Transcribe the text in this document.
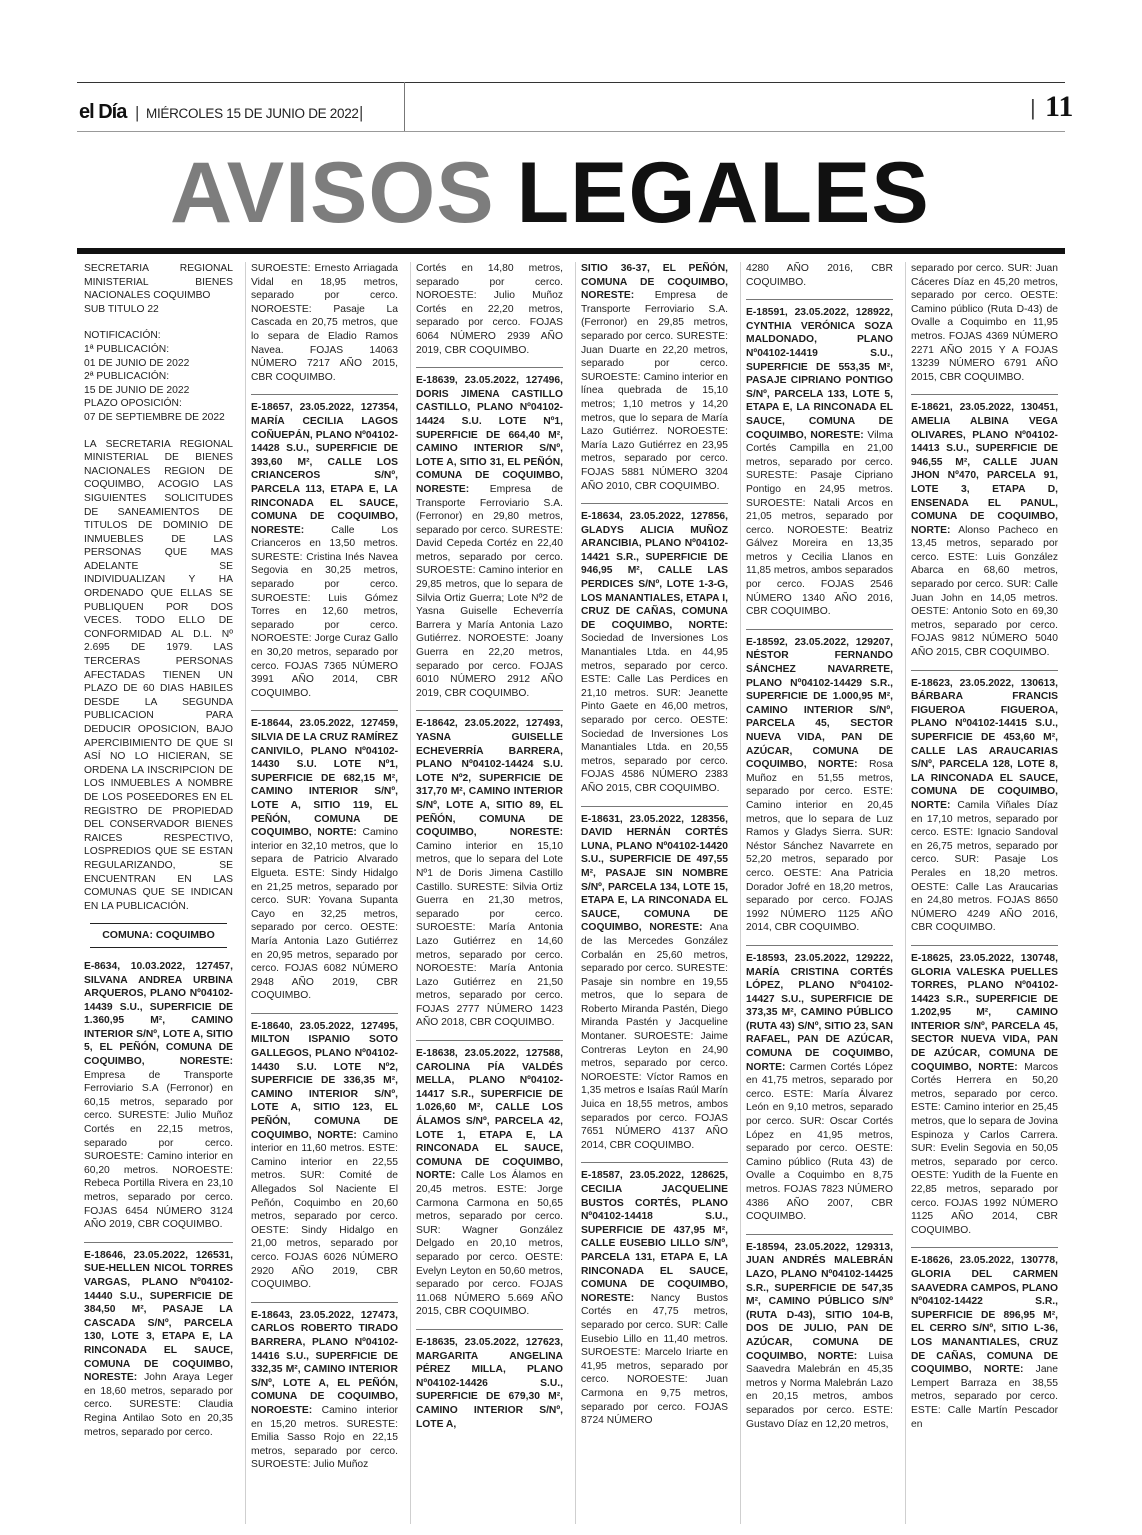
el Día | MIÉRCOLES 15 DE JUNIO DE 2022 |	| 11
AVISOS LEGALES

SECRETARIA REGIONAL MINISTERIAL BIENES NACIONALES COQUIMBO

SUB TITULO 22

NOTIFICACIÓN:

1ª PUBLICACIÓN:

01 DE JUNIO DE 2022

2ª PUBLICACIÓN:

15 DE JUNIO DE 2022

PLAZO OPOSICIÓN:

07 DE SEPTIEMBRE DE 2022

LA SECRETARIA REGIONAL MINISTERIAL DE BIENES NACIONALES REGION DE COQUIMBO, ACOGIO LAS SIGUIENTES SOLICITUDES DE SANEAMIENTOS DE TITULOS DE DOMINIO DE INMUEBLES DE LAS PERSONAS QUE MAS ADELANTE SE INDIVIDUALIZAN Y HA ORDENADO QUE ELLAS SE PUBLIQUEN POR DOS VECES. TODO ELLO DE CONFORMIDAD AL D.L. Nº 2.695 DE 1979. LAS TERCERAS PERSONAS AFECTADAS TIENEN UN PLAZO DE 60 DIAS HABILES DESDE LA SEGUNDA PUBLICACION PARA DEDUCIR OPOSICION, BAJO APERCIBIMIENTO DE QUE SI ASÍ NO LO HICIERAN, SE ORDENA LA INSCRIPCION DE LOS INMUEBLES A NOMBRE DE LOS POSEEDORES EN EL REGISTRO DE PROPIEDAD DEL CONSERVADOR BIENES RAICES RESPECTIVO, LOSPREDIOS QUE SE ESTAN REGULARIZANDO, SE ENCUENTRAN EN LAS COMUNAS QUE SE INDICAN EN LA PUBLICACIÓN.

COMUNA: COQUIMBO
E-8634, 10.03.2022, 127457, SILVANA ANDREA URBINA ARQUEROS, PLANO Nº04102-14439 S.U., SUPERFICIE DE 1.360,95 M², CAMINO INTERIOR S/Nº, LOTE A, SITIO 5, EL PEÑÓN, COMUNA DE COQUIMBO, NORESTE: Empresa de Transporte Ferroviario S.A (Ferronor) en 60,15 metros, separado por cerco. SURESTE: Julio Muñoz Cortés en 22,15 metros, separado por cerco. SUROESTE: Camino interior en 60,20 metros. NOROESTE: Rebeca Portilla Rivera en 23,10 metros, separado por cerco. FOJAS 6454 NÚMERO 3124 AÑO 2019, CBR COQUIMBO.
E-18646, 23.05.2022, 126531, SUE-HELLEN NICOL TORRES VARGAS, PLANO Nº04102-14440 S.U., SUPERFICIE DE 384,50 M², PASAJE LA CASCADA S/Nº, PARCELA 130, LOTE 3, ETAPA E, LA RINCONADA EL SAUCE, COMUNA DE COQUIMBO, NORESTE: John Araya Leger en 18,60 metros, separado por cerco. SURESTE: Claudia Regina Antilao Soto en 20,35 metros, separado por cerco.
SUROESTE: Ernesto Arriagada Vidal en 18,95 metros, separado por cerco. NOROESTE: Pasaje La Cascada en 20,75 metros, que lo separa de Eladio Ramos Navea. FOJAS 14063 NÚMERO 7217 AÑO 2015, CBR COQUIMBO.
E-18657, 23.05.2022, 127354, MARÍA CECILIA LAGOS COÑUEPÁN, PLANO Nº04102-14428 S.U., SUPERFICIE DE 393,60 M², CALLE LOS CRIANCEROS S/Nº, PARCELA 113, ETAPA E, LA RINCONADA EL SAUCE, COMUNA DE COQUIMBO, NORESTE: Calle Los Crianceros en 13,50 metros. SURESTE: Cristina Inés Navea Segovia en 30,25 metros, separado por cerco. SUROESTE: Luis Gómez Torres en 12,60 metros, separado por cerco. NOROESTE: Jorge Curaz Gallo en 30,20 metros, separado por cerco. FOJAS 7365 NÚMERO 3991 AÑO 2014, CBR COQUIMBO.
E-18644, 23.05.2022, 127459, SILVIA DE LA CRUZ RAMÍREZ CANIVILO, PLANO Nº04102-14430 S.U. LOTE Nº1, SUPERFICIE DE 682,15 M², CAMINO INTERIOR S/Nº, LOTE A, SITIO 119, EL PEÑÓN, COMUNA DE COQUIMBO, NORTE: Camino interior en 32,10 metros, que lo separa de Patricio Alvarado Elgueta. ESTE: Sindy Hidalgo en 21,25 metros, separado por cerco. SUR: Yovana Supanta Cayo en 32,25 metros, separado por cerco. OESTE: María Antonia Lazo Gutiérrez en 20,95 metros, separado por cerco. FOJAS 6082 NÚMERO 2948 AÑO 2019, CBR COQUIMBO.
E-18640, 23.05.2022, 127495, MILTON ISPANIO SOTO GALLEGOS, PLANO Nº04102-14430 S.U. LOTE Nº2, SUPERFICIE DE 336,35 M², CAMINO INTERIOR S/Nº, LOTE A, SITIO 123, EL PEÑÓN, COMUNA DE COQUIMBO, NORTE: Camino interior en 11,60 metros. ESTE: Camino interior en 22,55 metros. SUR: Comité de Allegados Sol Naciente El Peñón, Coquimbo en 20,60 metros, separado por cerco. OESTE: Sindy Hidalgo en 21,00 metros, separado por cerco. FOJAS 6026 NÚMERO 2920 AÑO 2019, CBR COQUIMBO.
E-18643, 23.05.2022, 127473, CARLOS ROBERTO TIRADO BARRERA, PLANO Nº04102-14416 S.U., SUPERFICIE DE 332,35 M², CAMINO INTERIOR S/Nº, LOTE A, EL PEÑÓN, COMUNA DE COQUIMBO, NOROESTE: Camino interior en 15,20 metros. SURESTE: Emilia Sasso Rojo en 22,15 metros, separado por cerco. SUROESTE: Julio Muñoz
Cortés en 14,80 metros, separado por cerco. NOROESTE: Julio Muñoz Cortés en 22,20 metros, separado por cerco. FOJAS 6064 NÚMERO 2939 AÑO 2019, CBR COQUIMBO.
E-18639, 23.05.2022, 127496, DORIS JIMENA CASTILLO CASTILLO, PLANO Nº04102-14424 S.U. LOTE Nº1, SUPERFICIE DE 664,40 M², CAMINO INTERIOR S/Nº, LOTE A, SITIO 31, EL PEÑÓN, COMUNA DE COQUIMBO, NORESTE: Empresa de Transporte Ferroviario S.A. (Ferronor) en 29,80 metros, separado por cerco. SURESTE: David Cepeda Cortéz en 22,40 metros, separado por cerco. SUROESTE: Camino interior en 29,85 metros, que lo separa de Silvia Ortiz Guerra; Lote Nº2 de Yasna Guiselle Echeverría Barrera y María Antonia Lazo Gutiérrez. NOROESTE: Joany Guerra en 22,20 metros, separado por cerco. FOJAS 6010 NÚMERO 2912 AÑO 2019, CBR COQUIMBO.
E-18642, 23.05.2022, 127493, YASNA GUISELLE ECHEVERRÍA BARRERA, PLANO Nº04102-14424 S.U. LOTE Nº2, SUPERFICIE DE 317,70 M², CAMINO INTERIOR S/Nº, LOTE A, SITIO 89, EL PEÑÓN, COMUNA DE COQUIMBO, NORESTE: Camino interior en 15,10 metros, que lo separa del Lote Nº1 de Doris Jimena Castillo Castillo. SURESTE: Silvia Ortiz Guerra en 21,30 metros, separado por cerco. SUROESTE: María Antonia Lazo Gutiérrez en 14,60 metros, separado por cerco. NOROESTE: María Antonia Lazo Gutiérrez en 21,50 metros, separado por cerco. FOJAS 2777 NÚMERO 1423 AÑO 2018, CBR COQUIMBO.
E-18638, 23.05.2022, 127588, CAROLINA PÍA VALDÉS MELLA, PLANO Nº04102-14417 S.R., SUPERFICIE DE 1.026,60 M², CALLE LOS ÁLAMOS S/Nº, PARCELA 42, LOTE 1, ETAPA E, LA RINCONADA EL SAUCE, COMUNA DE COQUIMBO, NORTE: Calle Los Álamos en 20,45 metros. ESTE: Jorge Carmona Carmona en 50,65 metros, separado por cerco. SUR: Wagner González Delgado en 20,10 metros, separado por cerco. OESTE: Evelyn Leyton en 50,60 metros, separado por cerco. FOJAS 11.068 NÚMERO 5.669 AÑO 2015, CBR COQUIMBO.
E-18635, 23.05.2022, 127623, MARGARITA ANGELINA PÉREZ MILLA, PLANO Nº04102-14426 S.U., SUPERFICIE DE 679,30 M², CAMINO INTERIOR S/Nº, LOTE A,
SITIO 36-37, EL PEÑÓN, COMUNA DE COQUIMBO, NORESTE: Empresa de Transporte Ferroviario S.A. (Ferronor) en 29,85 metros, separado por cerco. SURESTE: Juan Duarte en 22,20 metros, separado por cerco. SUROESTE: Camino interior en línea quebrada de 15,10 metros; 1,10 metros y 14,20 metros, que lo separa de María Lazo Gutiérrez. NOROESTE: María Lazo Gutiérrez en 23,95 metros, separado por cerco. FOJAS 5881 NÚMERO 3204 AÑO 2010, CBR COQUIMBO.
E-18634, 23.05.2022, 127856, GLADYS ALICIA MUÑOZ ARANCIBIA, PLANO Nº04102-14421 S.R., SUPERFICIE DE 946,95 M², CALLE LAS PERDICES S/Nº, LOTE 1-3-G, LOS MANANTIALES, ETAPA I, CRUZ DE CAÑAS, COMUNA DE COQUIMBO, NORTE: Sociedad de Inversiones Los Manantiales Ltda. en 44,95 metros, separado por cerco. ESTE: Calle Las Perdices en 21,10 metros. SUR: Jeanette Pinto Gaete en 46,00 metros, separado por cerco. OESTE: Sociedad de Inversiones Los Manantiales Ltda. en 20,55 metros, separado por cerco. FOJAS 4586 NÚMERO 2383 AÑO 2015, CBR COQUIMBO.
E-18631, 23.05.2022, 128356, DAVID HERNÁN CORTÉS LUNA, PLANO Nº04102-14420 S.U., SUPERFICIE DE 497,55 M², PASAJE SIN NOMBRE S/Nº, PARCELA 134, LOTE 15, ETAPA E, LA RINCONADA EL SAUCE, COMUNA DE COQUIMBO, NORESTE: Ana de las Mercedes González Corbalán en 25,60 metros, separado por cerco. SURESTE: Pasaje sin nombre en 19,55 metros, que lo separa de Roberto Miranda Pastén, Diego Miranda Pastén y Jacqueline Montaner. SUROESTE: Jaime Contreras Leyton en 24,90 metros, separado por cerco. NOROESTE: Víctor Ramos en 1,35 metros e Isaías Raúl Marín Juica en 18,55 metros, ambos separados por cerco. FOJAS 7651 NÚMERO 4137 AÑO 2014, CBR COQUIMBO.
E-18587, 23.05.2022, 128625, CECILIA JACQUELINE BUSTOS CORTÉS, PLANO Nº04102-14418 S.U., SUPERFICIE DE 437,95 M², CALLE EUSEBIO LILLO S/Nº, PARCELA 131, ETAPA E, LA RINCONADA EL SAUCE, COMUNA DE COQUIMBO, NORESTE: Nancy Bustos Cortés en 47,75 metros, separado por cerco. SUR: Calle Eusebio Lillo en 11,40 metros. SUROESTE: Marcelo Iriarte en 41,95 metros, separado por cerco. NOROESTE: Juan Carmona en 9,75 metros, separado por cerco. FOJAS 8724 NÚMERO
4280 AÑO 2016, CBR COQUIMBO.
E-18591, 23.05.2022, 128922, CYNTHIA VERÓNICA SOZA MALDONADO, PLANO Nº04102-14419 S.U., SUPERFICIE DE 553,35 M², PASAJE CIPRIANO PONTIGO S/Nº, PARCELA 133, LOTE 5, ETAPA E, LA RINCONADA EL SAUCE, COMUNA DE COQUIMBO, NORESTE: Vilma Cortés Campilla en 21,00 metros, separado por cerco. SURESTE: Pasaje Cipriano Pontigo en 24,95 metros. SUROESTE: Natali Arcos en 21,05 metros, separado por cerco. NOROESTE: Beatriz Gálvez Moreira en 13,35 metros y Cecilia Llanos en 11,85 metros, ambos separados por cerco. FOJAS 2546 NÚMERO 1340 AÑO 2016, CBR COQUIMBO.
E-18592, 23.05.2022, 129207, NÉSTOR FERNANDO SÁNCHEZ NAVARRETE, PLANO Nº04102-14429 S.R., SUPERFICIE DE 1.000,95 M², CAMINO INTERIOR S/Nº, PARCELA 45, SECTOR NUEVA VIDA, PAN DE AZÚCAR, COMUNA DE COQUIMBO, NORTE: Rosa Muñoz en 51,55 metros, separado por cerco. ESTE: Camino interior en 20,45 metros, que lo separa de Luz Ramos y Gladys Sierra. SUR: Néstor Sánchez Navarrete en 52,20 metros, separado por cerco. OESTE: Ana Patricia Dorador Jofré en 18,20 metros, separado por cerco. FOJAS 1992 NÚMERO 1125 AÑO 2014, CBR COQUIMBO.
E-18593, 23.05.2022, 129222, MARÍA CRISTINA CORTÉS LÓPEZ, PLANO Nº04102-14427 S.U., SUPERFICIE DE 373,35 M², CAMINO PÚBLICO (RUTA 43) S/Nº, SITIO 23, SAN RAFAEL, PAN DE AZÚCAR, COMUNA DE COQUIMBO, NORTE: Carmen Cortés López en 41,75 metros, separado por cerco. ESTE: María Álvarez León en 9,10 metros, separado por cerco. SUR: Oscar Cortés López en 41,95 metros, separado por cerco. OESTE: Camino público (Ruta 43) de Ovalle a Coquimbo en 8,75 metros. FOJAS 7823 NÚMERO 4386 AÑO 2007, CBR COQUIMBO.
E-18594, 23.05.2022, 129313, JUAN ANDRÉS MALEBRÁN LAZO, PLANO Nº04102-14425 S.R., SUPERFICIE DE 547,35 M², CAMINO PÚBLICO S/Nº (RUTA D-43), SITIO 104-B, DOS DE JULIO, PAN DE AZÚCAR, COMUNA DE COQUIMBO, NORTE: Luisa Saavedra Malebrán en 45,35 metros y Norma Malebrán Lazo en 20,15 metros, ambos separados por cerco. ESTE: Gustavo Díaz en 12,20 metros,
separado por cerco. SUR: Juan Cáceres Díaz en 45,20 metros, separado por cerco. OESTE: Camino público (Ruta D-43) de Ovalle a Coquimbo en 11,95 metros. FOJAS 4369 NÚMERO 2271 AÑO 2015 Y A FOJAS 13239 NÚMERO 6791 AÑO 2015, CBR COQUIMBO.
E-18621, 23.05.2022, 130451, AMELIA ALBINA VEGA OLIVARES, PLANO Nº04102-14413 S.U., SUPERFICIE DE 946,55 M², CALLE JUAN JHON Nº470, PARCELA 91, LOTE 3, ETAPA D, ENSENADA EL PANUL, COMUNA DE COQUIMBO, NORTE: Alonso Pacheco en 13,45 metros, separado por cerco. ESTE: Luis González Abarca en 68,60 metros, separado por cerco. SUR: Calle Juan John en 14,05 metros. OESTE: Antonio Soto en 69,30 metros, separado por cerco. FOJAS 9812 NÚMERO 5040 AÑO 2015, CBR COQUIMBO.
E-18623, 23.05.2022, 130613, BÁRBARA FRANCIS FIGUEROA FIGUEROA, PLANO Nº04102-14415 S.U., SUPERFICIE DE 453,60 M², CALLE LAS ARAUCARIAS S/Nº, PARCELA 128, LOTE 8, LA RINCONADA EL SAUCE, COMUNA DE COQUIMBO, NORTE: Camila Viñales Díaz en 17,10 metros, separado por cerco. ESTE: Ignacio Sandoval en 26,75 metros, separado por cerco. SUR: Pasaje Los Perales en 18,20 metros. OESTE: Calle Las Araucarias en 24,80 metros. FOJAS 8650 NÚMERO 4249 AÑO 2016, CBR COQUIMBO.
E-18625, 23.05.2022, 130748, GLORIA VALESKA PUELLES TORRES, PLANO Nº04102-14423 S.R., SUPERFICIE DE 1.202,95 M², CAMINO INTERIOR S/Nº, PARCELA 45, SECTOR NUEVA VIDA, PAN DE AZÚCAR, COMUNA DE COQUIMBO, NORTE: Marcos Cortés Herrera en 50,20 metros, separado por cerco. ESTE: Camino interior en 25,45 metros, que lo separa de Jovina Espinoza y Carlos Carrera. SUR: Evelin Segovia en 50,05 metros, separado por cerco. OESTE: Yudith de la Fuente en 22,85 metros, separado por cerco. FOJAS 1992 NÚMERO 1125 AÑO 2014, CBR COQUIMBO.
E-18626, 23.05.2022, 130778, GLORIA DEL CARMEN SAAVEDRA CAMPOS, PLANO Nº04102-14422 S.R., SUPERFICIE DE 896,95 M², EL CERRO S/Nº, SITIO L-36, LOS MANANTIALES, CRUZ DE CAÑAS, COMUNA DE COQUIMBO, NORTE: Jane Lempert Barraza en 38,55 metros, separado por cerco. ESTE: Calle Martín Pescador en
